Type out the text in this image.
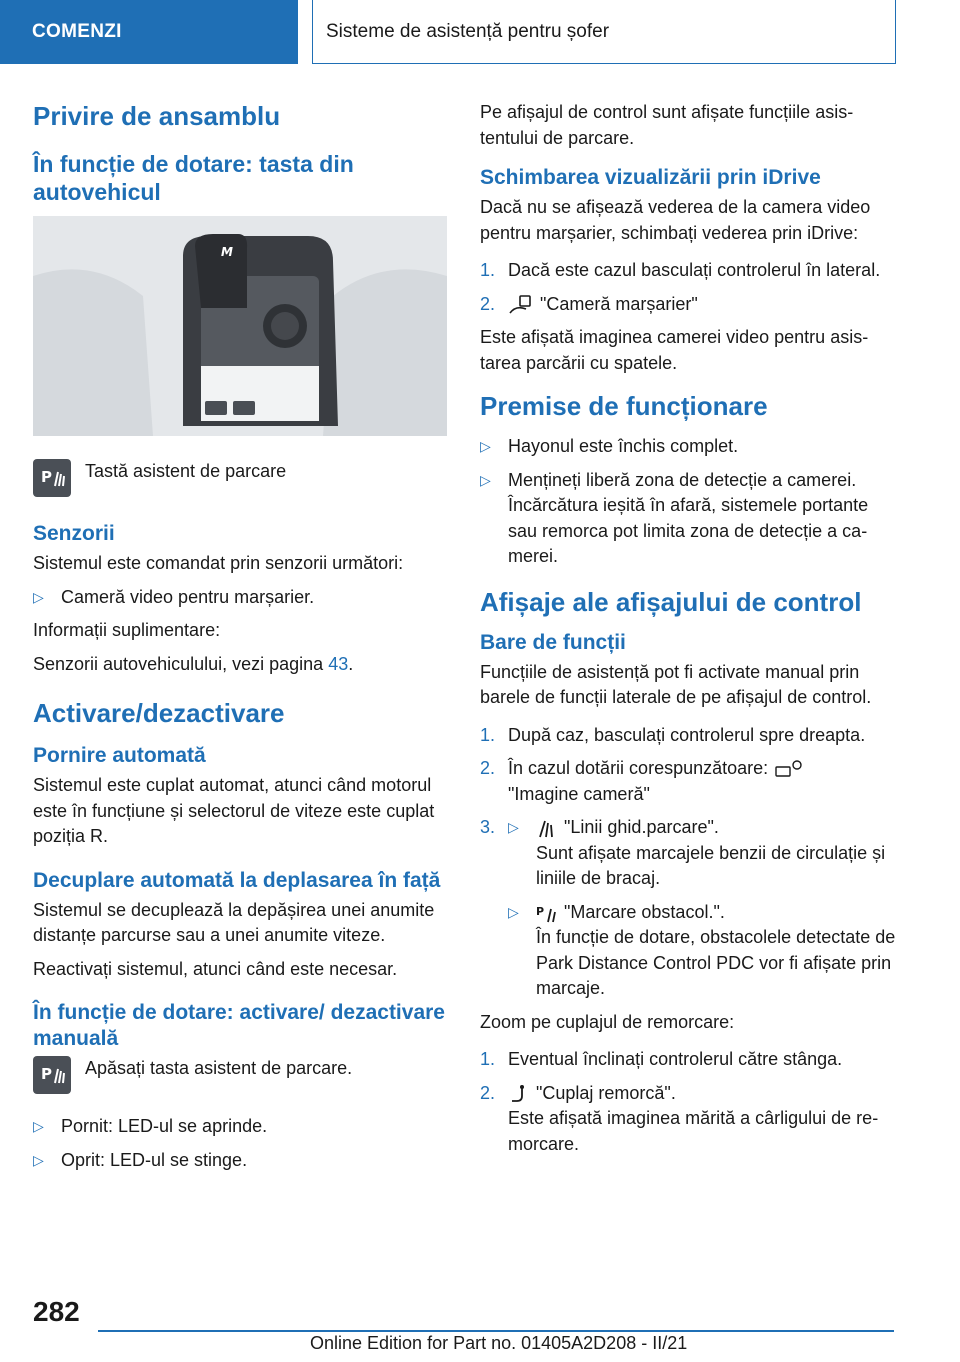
COMENZI	Sisteme de asistență pentru șofer
Privire de ansamblu
În funcție de dotare: tasta din autovehicul
M
P Tastă asistent de parcare

Senzorii

Sistemul este comandat prin senzorii următori:

▷ Cameră video pentru marșarier.

Informații suplimentare:

Senzorii autovehiculului, vezi pagina 43.

Activare/dezactivare
Pornire automată

Sistemul este cuplat automat, atunci când motorul este în funcțiune și selectorul de viteze este cuplat poziția R.

Decuplare automată la deplasarea în față

Sistemul se decuplează la depășirea unei anumite distanțe parcurse sau a unei anumite viteze.

Reactivați sistemul, atunci când este necesar.

În funcție de dotare: activare/ dezactivare manuală
P Apăsați tasta asistent de parcare.

▷ Pornit: LED-ul se aprinde.
▷ Oprit: LED-ul se stinge.

Pe afișajul de control sunt afișate funcțiile asistentului de parcare.

Schimbarea vizualizării prin iDrive

Dacă nu se afișează vederea de la camera video pentru marșarier, schimbați vederea prin iDrive:

1. Dacă este cazul basculați controlerul în lateral.
2. "Cameră marșarier"

Este afișată imaginea camerei video pentru asistarea parcării cu spatele.

Premise de funcționare
▷ Hayonul este închis complet.
▷ Mențineți liberă zona de detecție a camerei. Încărcătura ieșită în afară, sistemele portante sau remorca pot limita zona de detecție a camerei.
Afișaje ale afișajului de control
Bare de funcții

Funcțiile de asistență pot fi activate manual prin barele de funcții laterale de pe afișajul de control.

1. După caz, basculați controlerul spre dreapta.
2. În cazul dotării corespunzătoare:
"Imagine cameră"
3. ▷	"Linii ghid.parcare".
Sunt afișate marcajele benzii de circulație și liniile de bracaj.
▷ P "Marcare obstacol.".
În funcție de dotare, obstacolele detectate de Park Distance Control PDC vor fi afișate prin marcaje.

Zoom pe cuplajul de remorcare:

1. Eventual înclinați controlerul către stânga.
2. "Cuplaj remorcă".
Este afișată imaginea mărită a cârligului de remorcare.
282
Online Edition for Part no. 01405A2D208 - II/21
